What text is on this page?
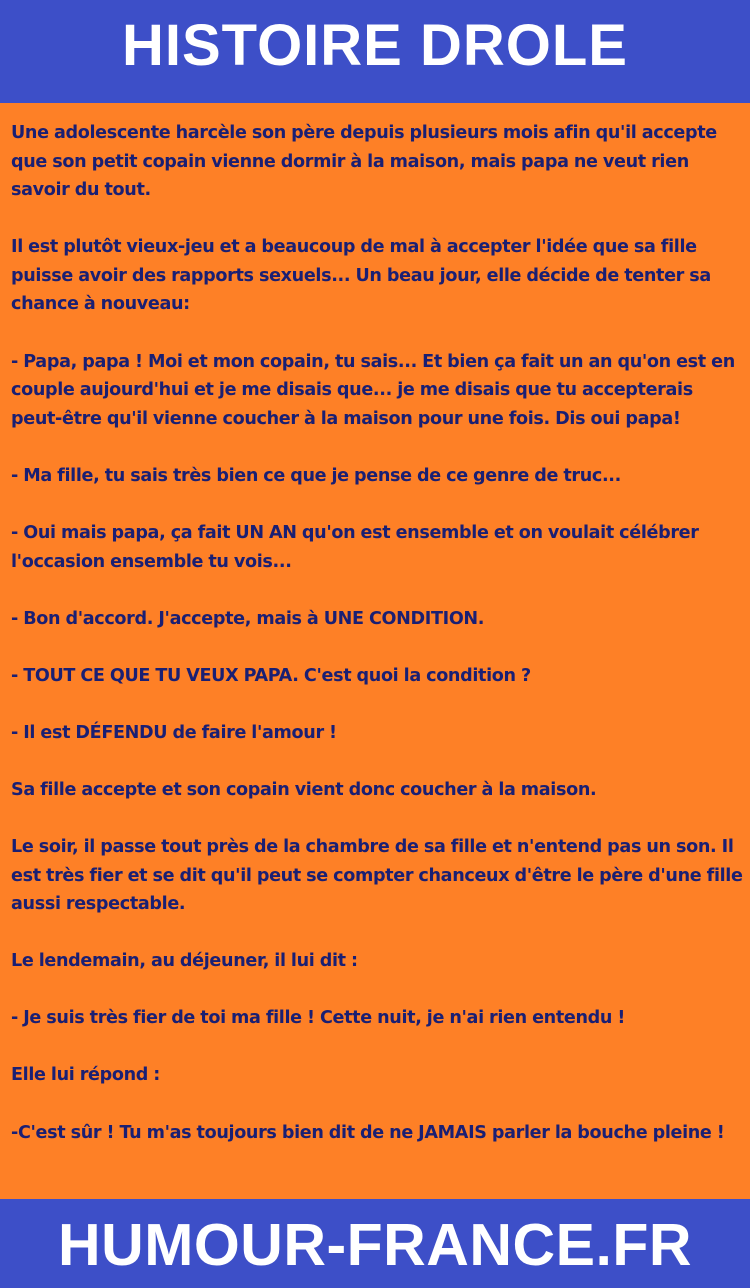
HISTOIRE DROLE

Une adolescente harcèle son père depuis plusieurs mois afin qu'il accepte que son petit copain vienne dormir à la maison, mais papa ne veut rien savoir du tout.

Il est plutôt vieux-jeu et a beaucoup de mal à accepter l'idée que sa fille puisse avoir des rapports sexuels... Un beau jour, elle décide de tenter sa chance à nouveau:

- Papa, papa ! Moi et mon copain, tu sais... Et bien ça fait un an qu'on est en couple aujourd'hui et je me disais que... je me disais que tu accepterais peut-être qu'il vienne coucher à la maison pour une fois. Dis oui papa!

- Ma fille, tu sais très bien ce que je pense de ce genre de truc...

- Oui mais papa, ça fait UN AN qu'on est ensemble et on voulait célébrer l'occasion ensemble tu vois...

- Bon d'accord. J'accepte, mais à UNE CONDITION.

- TOUT CE QUE TU VEUX PAPA. C'est quoi la condition ?

- Il est DÉFENDU de faire l'amour !

Sa fille accepte et son copain vient donc coucher à la maison.

Le soir, il passe tout près de la chambre de sa fille et n'entend pas un son. Il est très fier et se dit qu'il peut se compter chanceux d'être le père d'une fille aussi respectable.

Le lendemain, au déjeuner, il lui dit :

- Je suis très fier de toi ma fille ! Cette nuit, je n'ai rien entendu !

Elle lui répond :

-C'est sûr ! Tu m'as toujours bien dit de ne JAMAIS parler la bouche pleine !

HUMOUR-FRANCE.FR
